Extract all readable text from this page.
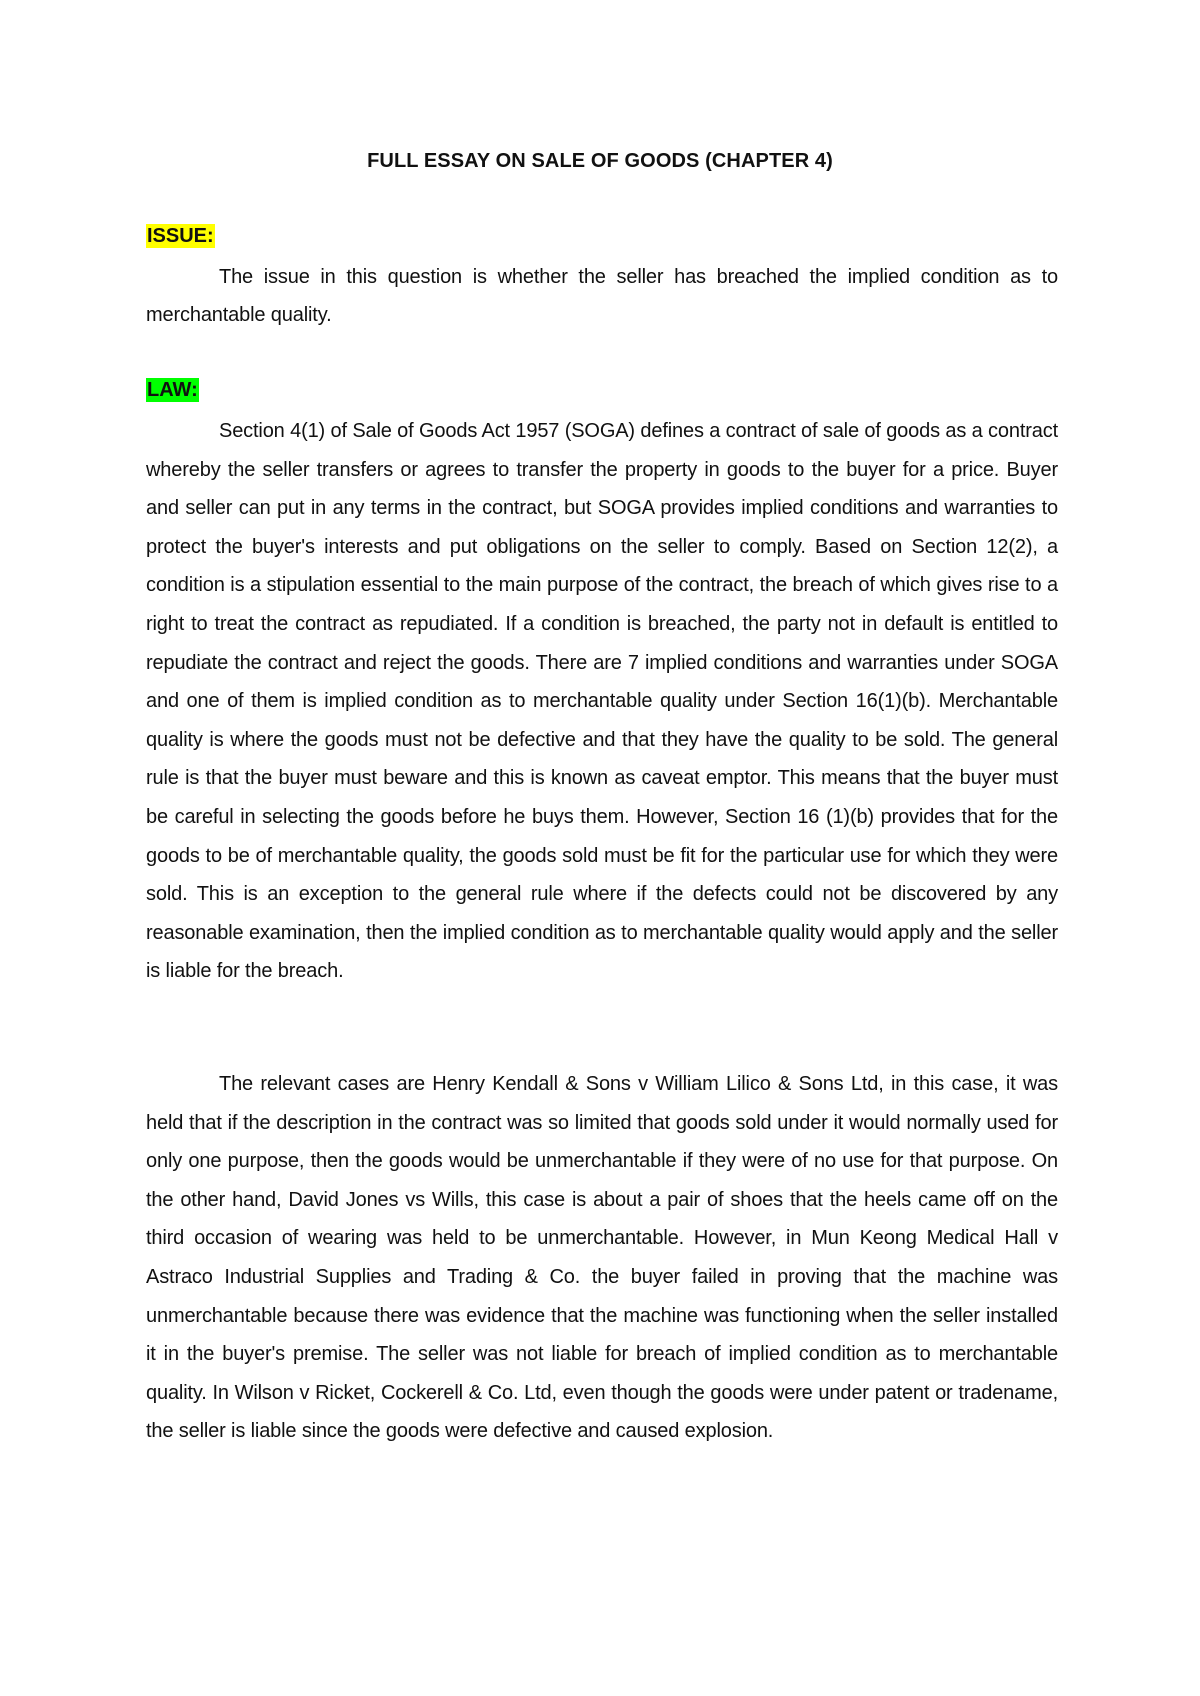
FULL ESSAY ON SALE OF GOODS (CHAPTER 4)
ISSUE:

The issue in this question is whether the seller has breached the implied condition as to merchantable quality.

LAW:

Section 4(1) of Sale of Goods Act 1957 (SOGA) defines a contract of sale of goods as a contract whereby the seller transfers or agrees to transfer the property in goods to the buyer for a price. Buyer and seller can put in any terms in the contract, but SOGA provides implied conditions and warranties to protect the buyer's interests and put obligations on the seller to comply. Based on Section 12(2), a condition is a stipulation essential to the main purpose of the contract, the breach of which gives rise to a right to treat the contract as repudiated. If a condition is breached, the party not in default is entitled to repudiate the contract and reject the goods. There are 7 implied conditions and warranties under SOGA and one of them is implied condition as to merchantable quality under Section 16(1)(b). Merchantable quality is where the goods must not be defective and that they have the quality to be sold. The general rule is that the buyer must beware and this is known as caveat emptor. This means that the buyer must be careful in selecting the goods before he buys them. However, Section 16 (1)(b) provides that for the goods to be of merchantable quality, the goods sold must be fit for the particular use for which they were sold. This is an exception to the general rule where if the defects could not be discovered by any reasonable examination, then the implied condition as to merchantable quality would apply and the seller is liable for the breach.

The relevant cases are Henry Kendall & Sons v William Lilico & Sons Ltd, in this case, it was held that if the description in the contract was so limited that goods sold under it would normally used for only one purpose, then the goods would be unmerchantable if they were of no use for that purpose. On the other hand, David Jones vs Wills, this case is about a pair of shoes that the heels came off on the third occasion of wearing was held to be unmerchantable. However, in Mun Keong Medical Hall v Astraco Industrial Supplies and Trading & Co. the buyer failed in proving that the machine was unmerchantable because there was evidence that the machine was functioning when the seller installed it in the buyer's premise. The seller was not liable for breach of implied condition as to merchantable quality. In Wilson v Ricket, Cockerell & Co. Ltd, even though the goods were under patent or tradename, the seller is liable since the goods were defective and caused explosion.
